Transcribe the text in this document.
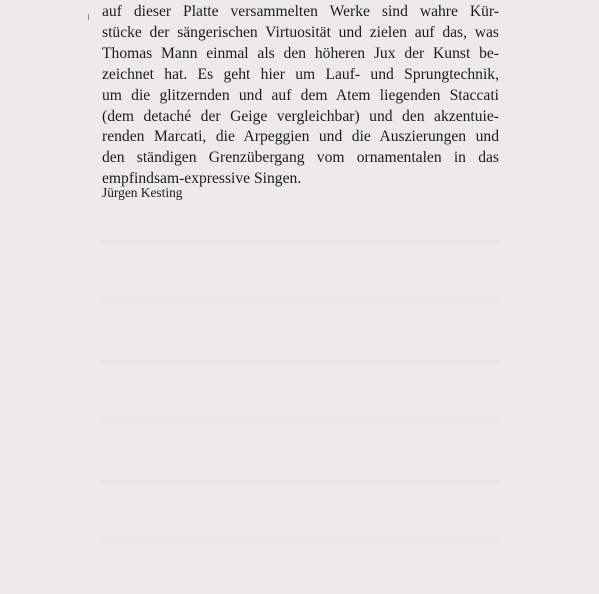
auf dieser Platte versammelten Werke sind wahre Kür-
stücke der sängerischen Virtuosität und zielen auf das, was
Thomas Mann einmal als den höheren Jux der Kunst be-
zeichnet hat. Es geht hier um Lauf- und Sprungtechnik,
um die glitzernden und auf dem Atem liegenden Staccati
(dem detaché der Geige vergleichbar) und den akzentuie-
renden Marcati, die Arpeggien und die Auszierungen und
den ständigen Grenzübergang vom ornamentalen in das
empfindsam-expressive Singen.

Jürgen Kesting
